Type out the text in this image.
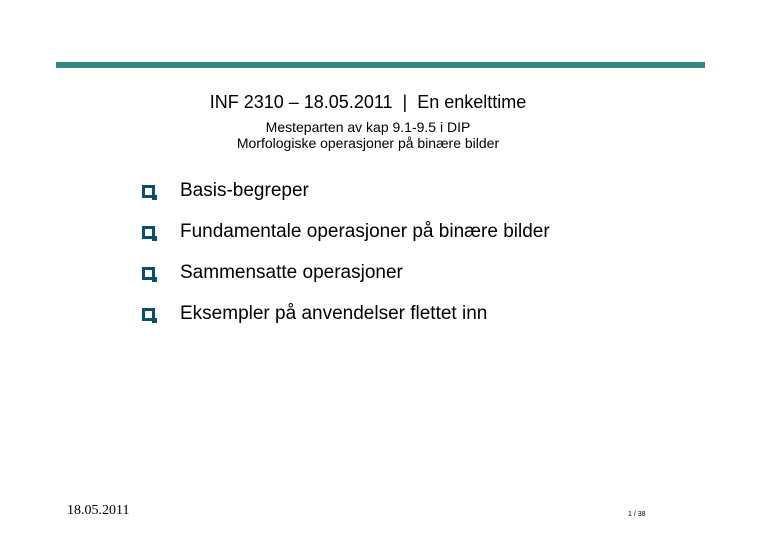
INF 2310 – 18.05.2011  |  En enkelttime
Mesteparten av kap 9.1-9.5 i DIP
Morfologiske operasjoner på binære bilder
Basis-begreper
Fundamentale operasjoner på binære bilder
Sammensatte operasjoner
Eksempler på anvendelser flettet inn
18.05.2011	1 / 38
